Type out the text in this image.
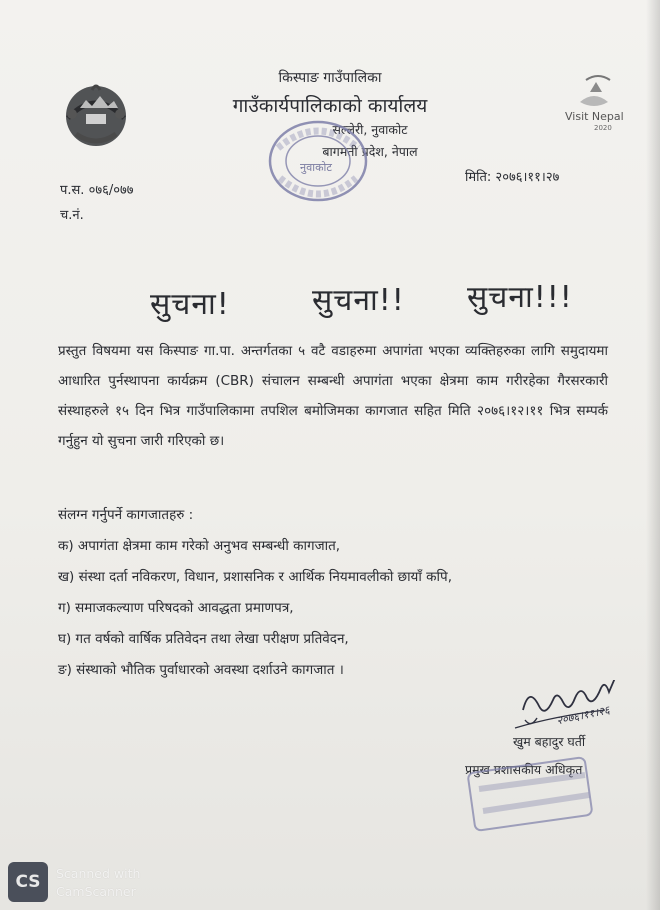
किस्पाङ गाउँपालिका
गाउँकार्यपालिकाको कार्यालय
सल्लेरी, नुवाकोट
बागमती प्रदेश, नेपाल
नुवाकोट
Visit Nepal
2020
प.स. ०७६/०७७
च.नं.
मिति: २०७६।११।२७
सुचना!	सुचना!! सुचना!!!
प्रस्तुत विषयमा यस किस्पाङ गा.पा. अन्तर्गतका ५ वटै वडाहरुमा अपागंता भएका व्यक्तिहरुका लागि समुदायमा आधारित पुर्नस्थापना कार्यक्रम (CBR) संचालन सम्बन्धी अपागंता भएका क्षेत्रमा काम गरीरहेका गैरसरकारी संस्थाहरुले १५ दिन भित्र गाउँपालिकामा तपशिल बमोजिमका कागजात सहित मिति २०७६।१२।११ भित्र सम्पर्क गर्नुहुन यो सुचना जारी गरिएको छ।
संलग्न गर्नुपर्ने कागजातहरु :
क) अपागंता क्षेत्रमा काम गरेको अनुभव सम्बन्धी कागजात,
ख) संस्था दर्ता नविकरण, विधान, प्रशासनिक र आर्थिक नियमावलीको छायाँ कपि,
ग) समाजकल्याण परिषदको आवद्धता प्रमाणपत्र,
घ) गत वर्षको वार्षिक प्रतिवेदन तथा लेखा परीक्षण प्रतिवेदन,
ङ) संस्थाको भौतिक पुर्वाधारको अवस्था दर्शाउने कागजात ।
२०७६।११।२६
खुम बहादुर घर्ती
प्रमुख प्रशासकीय अधिकृत
CS	Scanned with
CamScanner
